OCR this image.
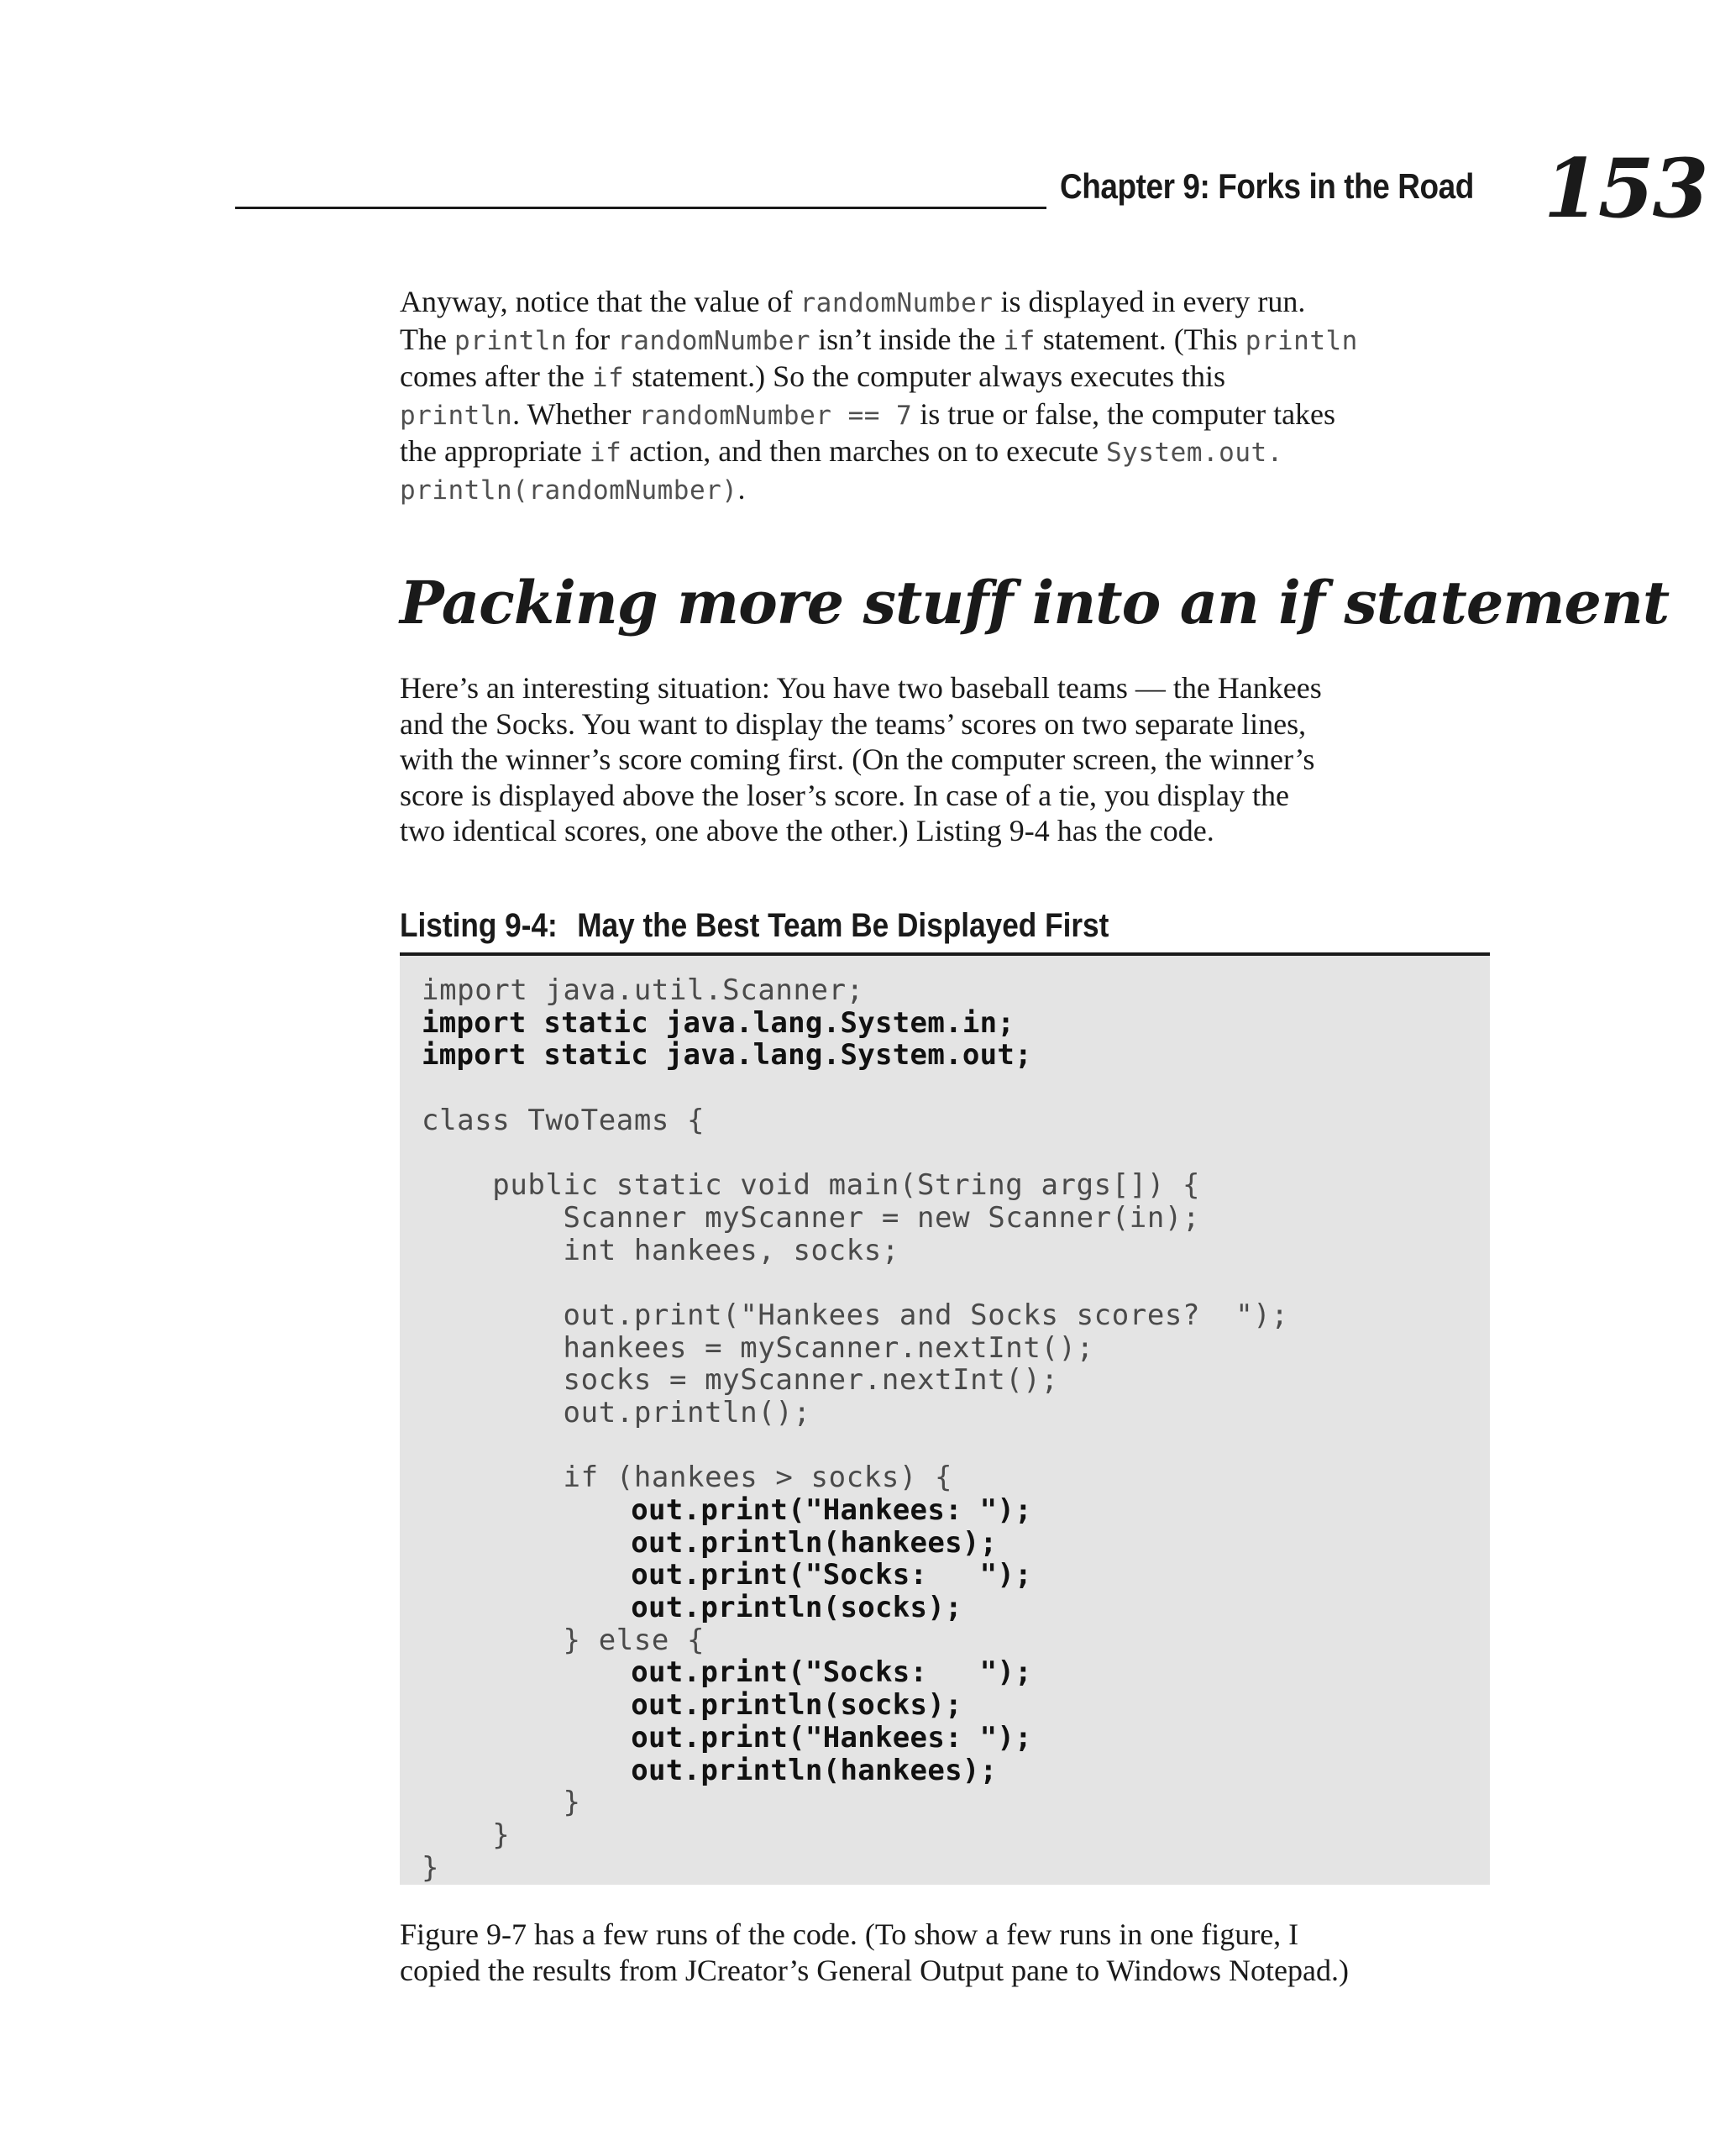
Chapter 9: Forks in the Road 153

Anyway, notice that the value of randomNumber is displayed in every run.
The println for randomNumber isn’t inside the if statement. (This println
comes after the if statement.) So the computer always executes this
println. Whether randomNumber == 7 is true or false, the computer takes
the appropriate if action, and then marches on to execute System.out.
println(randomNumber).

Packing more stuff into an if statement

Here’s an interesting situation: You have two baseball teams — the Hankees
and the Socks. You want to display the teams’ scores on two separate lines,
with the winner’s score coming first. (On the computer screen, the winner’s
score is displayed above the loser’s score. In case of a tie, you display the
two identical scores, one above the other.) Listing 9-4 has the code.

Listing 9-4: May the Best Team Be Displayed First
import java.util.Scanner;
import static java.lang.System.in;
import static java.lang.System.out;
class TwoTeams {
public static void main(String args[]) {
Scanner myScanner = new Scanner(in);
int hankees, socks;
out.print("Hankees and Socks scores?  ");
hankees = myScanner.nextInt();
socks = myScanner.nextInt();
out.println();
if (hankees > socks) {
out.print("Hankees: ");
out.println(hankees);
out.print("Socks:   ");
out.println(socks);
} else {
out.print("Socks:   ");
out.println(socks);
out.print("Hankees: ");
out.println(hankees);
}
}
}

Figure 9-7 has a few runs of the code. (To show a few runs in one figure, I
copied the results from JCreator’s General Output pane to Windows Notepad.)
